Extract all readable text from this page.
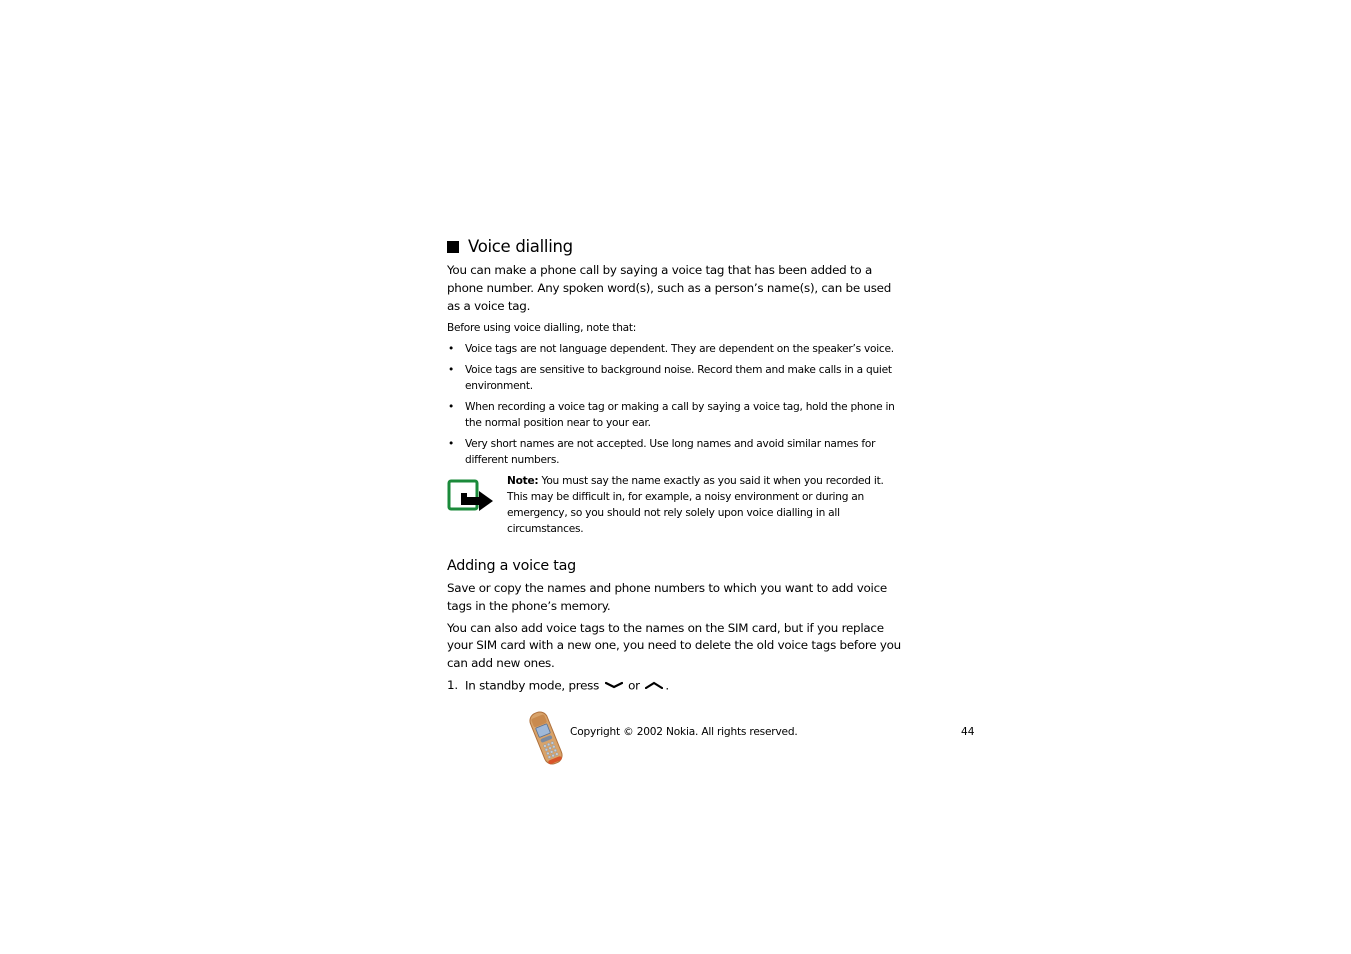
Voice dialling

You can make a phone call by saying a voice tag that has been added to a phone number. Any spoken word(s), such as a person’s name(s), can be used as a voice tag.

Before using voice dialling, note that:

• Voice tags are not language dependent. They are dependent on the speaker’s voice.
• Voice tags are sensitive to background noise. Record them and make calls in a quiet environment.
• When recording a voice tag or making a call by saying a voice tag, hold the phone in the normal position near to your ear.
• Very short names are not accepted. Use long names and avoid similar names for different numbers.
Note: You must say the name exactly as you said it when you recorded it. This may be difficult in, for example, a noisy environment or during an emergency, so you should not rely solely upon voice dialling in all circumstances.
Adding a voice tag

Save or copy the names and phone numbers to which you want to add voice tags in the phone’s memory.

You can also add voice tags to the names on the SIM card, but if you replace your SIM card with a new one, you need to delete the old voice tags before you can add new ones.

1. In standby mode, press or .
Copyright © 2002 Nokia. All rights reserved.	44
